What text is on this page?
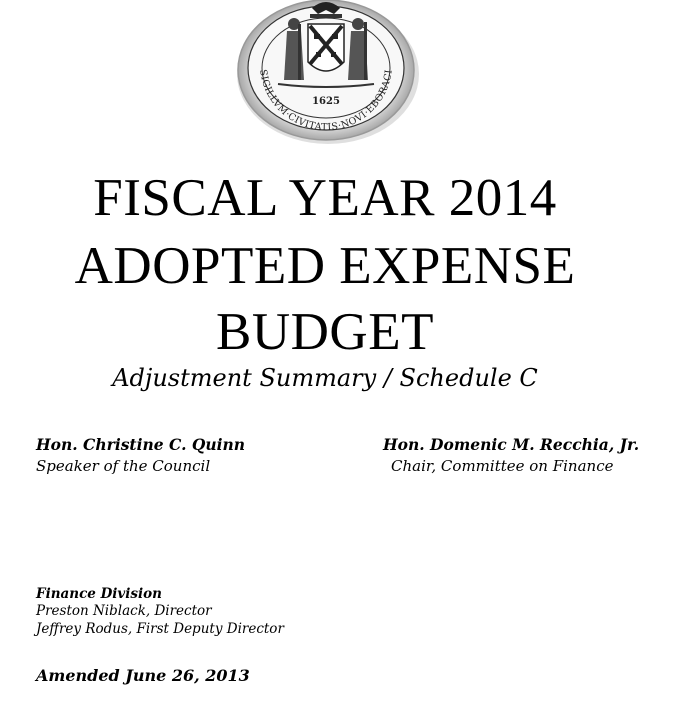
1625
SIGILLVM·CIVITATIS·NOVI·EBORACI
FISCAL YEAR 2014
ADOPTED EXPENSE
BUDGET
Adjustment Summary / Schedule C
Hon. Christine C. Quinn
Speaker of the Council
Hon. Domenic M. Recchia, Jr.
Chair, Committee on Finance
Finance Division
Preston Niblack, Director
Jeffrey Rodus, First Deputy Director
Amended June 26, 2013
